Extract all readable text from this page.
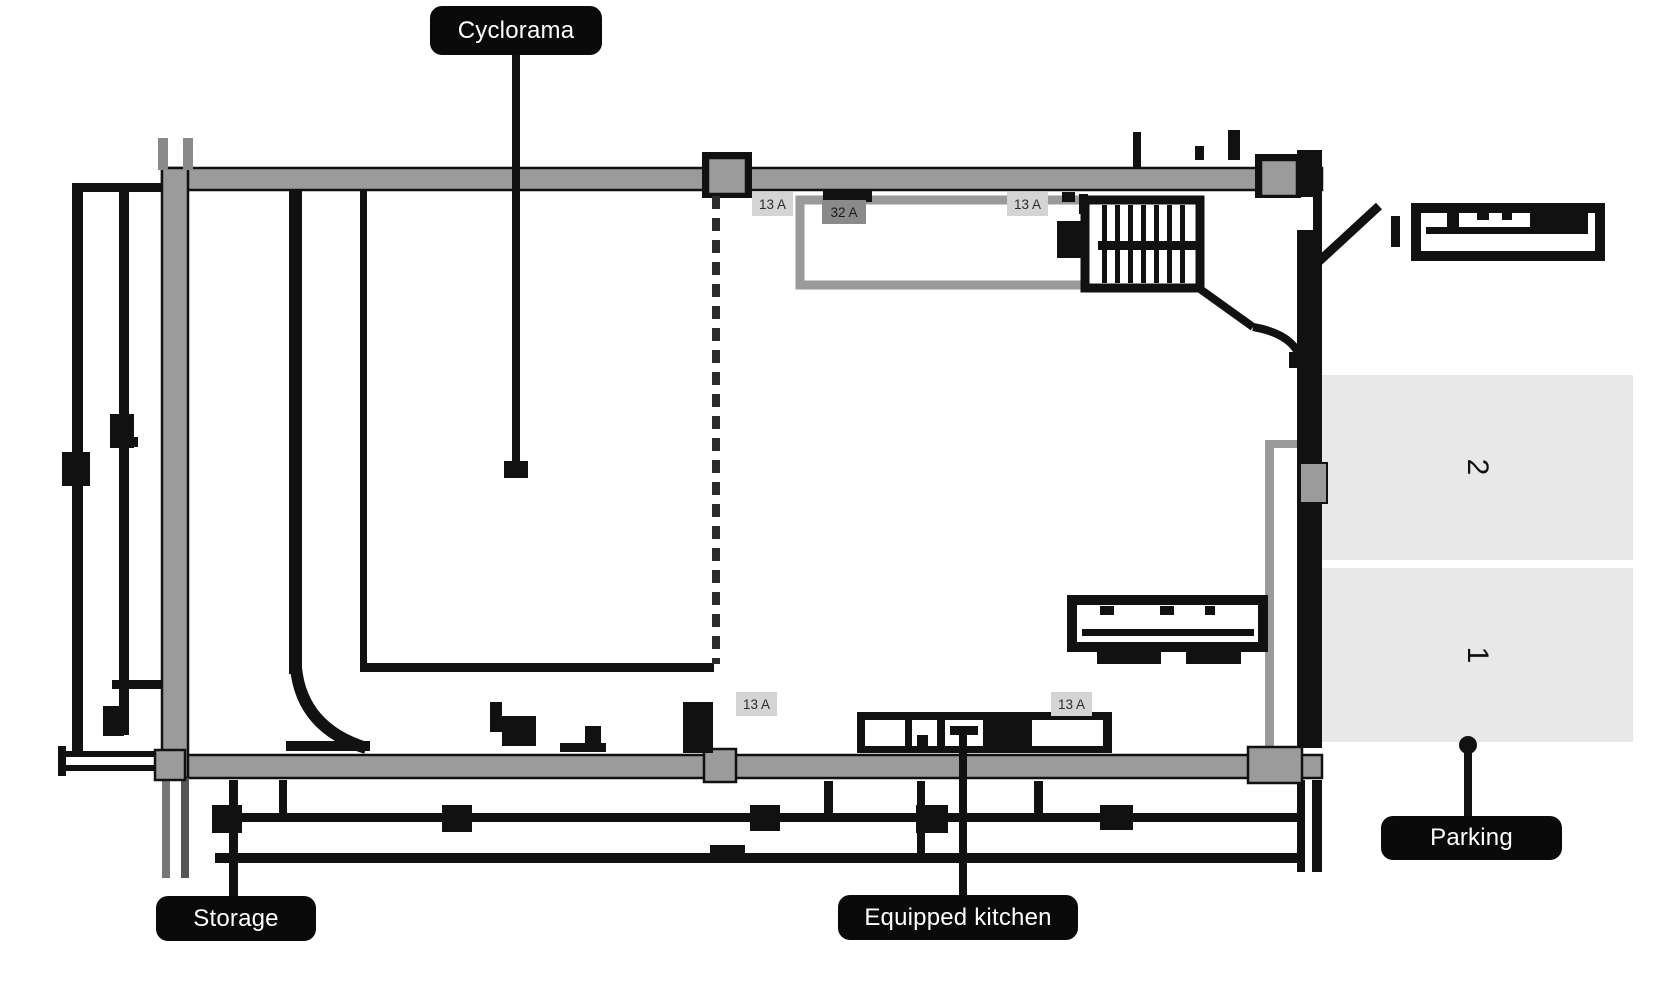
Cyclorama
Storage	Equipped kitchen
Parking
13 A
32 A
13 A
13 A	13 A
2
1
